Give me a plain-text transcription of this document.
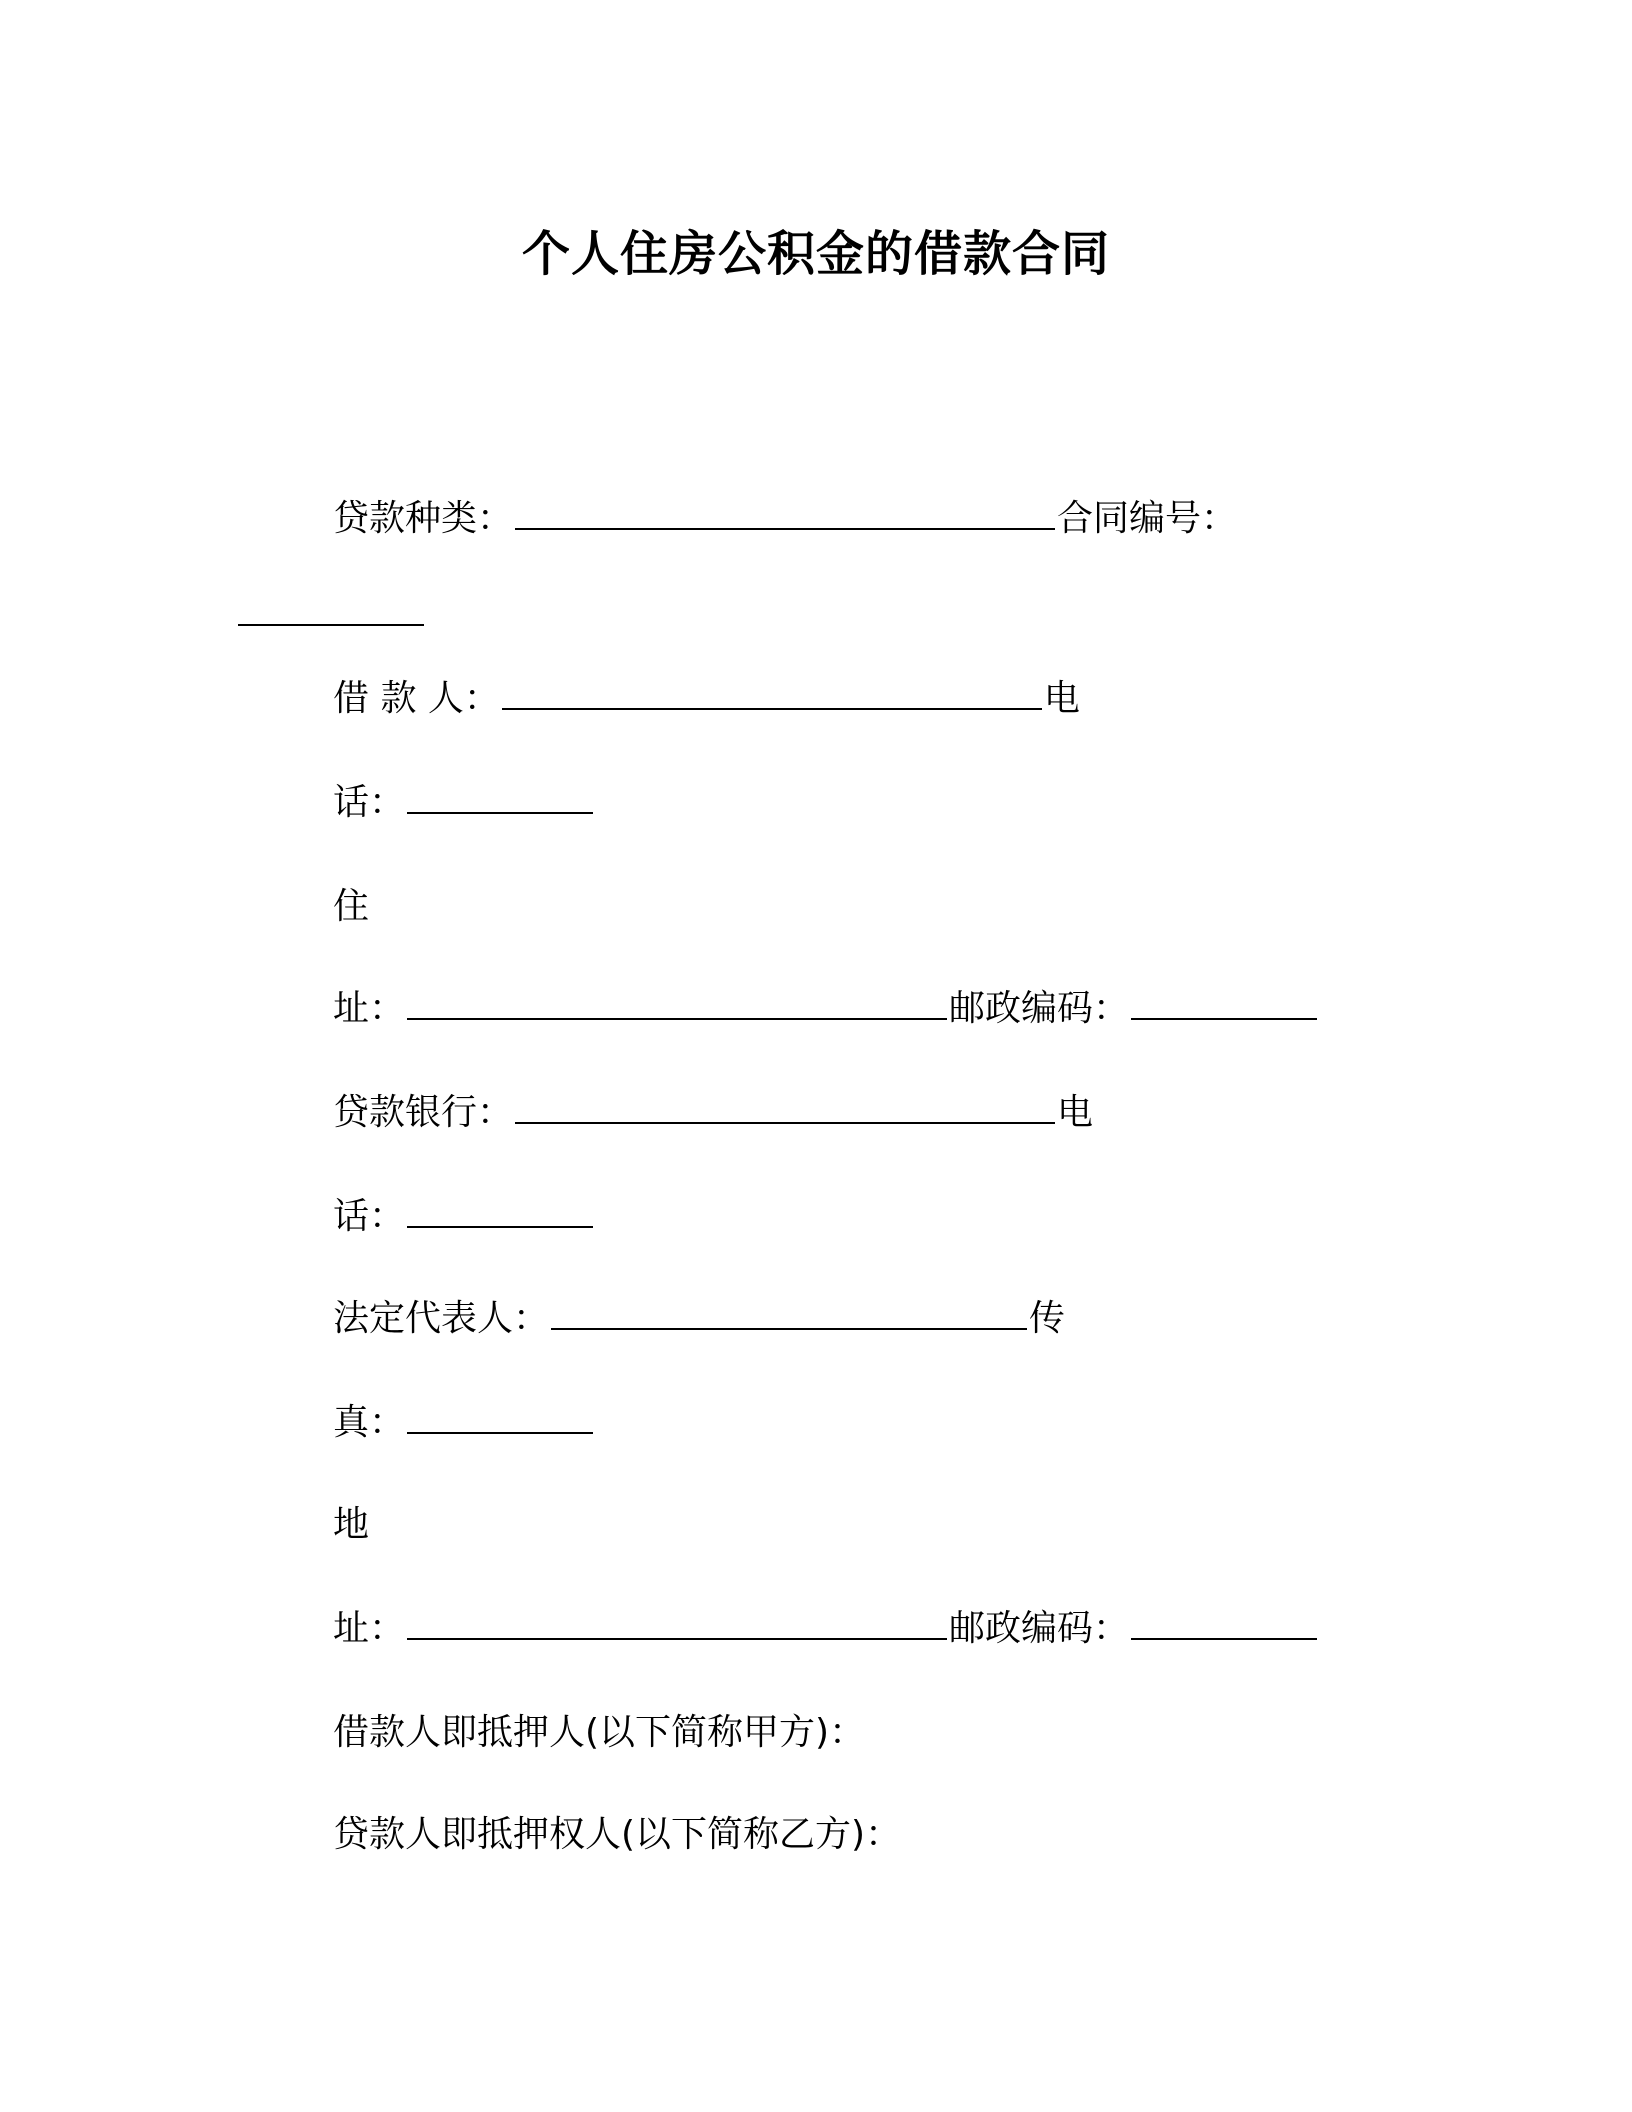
个人住房公积金的借款合同
贷款种类：	合同编号：
借 款 人：	电
话：
住
址：	邮政编码：
贷款银行：	电
话：
法定代表人：	传
真：
地
址：	邮政编码：
借款人即抵押人(以下简称甲方)：
贷款人即抵押权人(以下简称乙方)：
